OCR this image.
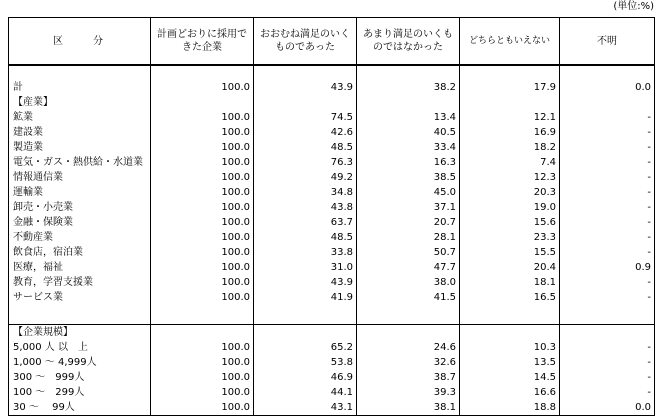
(単位:%)
区　分	計画どおりに採用できた企業	おおむね満足のいくものであった	あまり満足のいくものではなかった	どちらともいえない	不明

計	100.0	43.9	38.2	17.9	0.0
【産業】					
鉱業	100.0	74.5	13.4	12.1	-
建設業	100.0	42.6	40.5	16.9	-
製造業	100.0	48.5	33.4	18.2	-
電気・ガス・熱供給・水道業	100.0	76.3	16.3	7.4	-
情報通信業	100.0	49.2	38.5	12.3	-
運輸業	100.0	34.8	45.0	20.3	-
卸売・小売業	100.0	43.8	37.1	19.0	-
金融・保険業	100.0	63.7	20.7	15.6	-
不動産業	100.0	48.5	28.1	23.3	-
飲食店，宿泊業	100.0	33.8	50.7	15.5	-
医療，福祉	100.0	31.0	47.7	20.4	0.9
教育，学習支援業	100.0	43.9	38.0	18.1	-
サービス業	100.0	41.9	41.5	16.5	-

【企業規模】					
5,000 人 以　上	100.0	65.2	24.6	10.3	-
1,000 ～ 4,999人	100.0	53.8	32.6	13.5	-
300 ～　999人	100.0	46.9	38.7	14.5	-
100 ～　299人	100.0	44.1	39.3	16.6	-
30 ～　 99人	100.0	43.1	38.1	18.8	0.0
